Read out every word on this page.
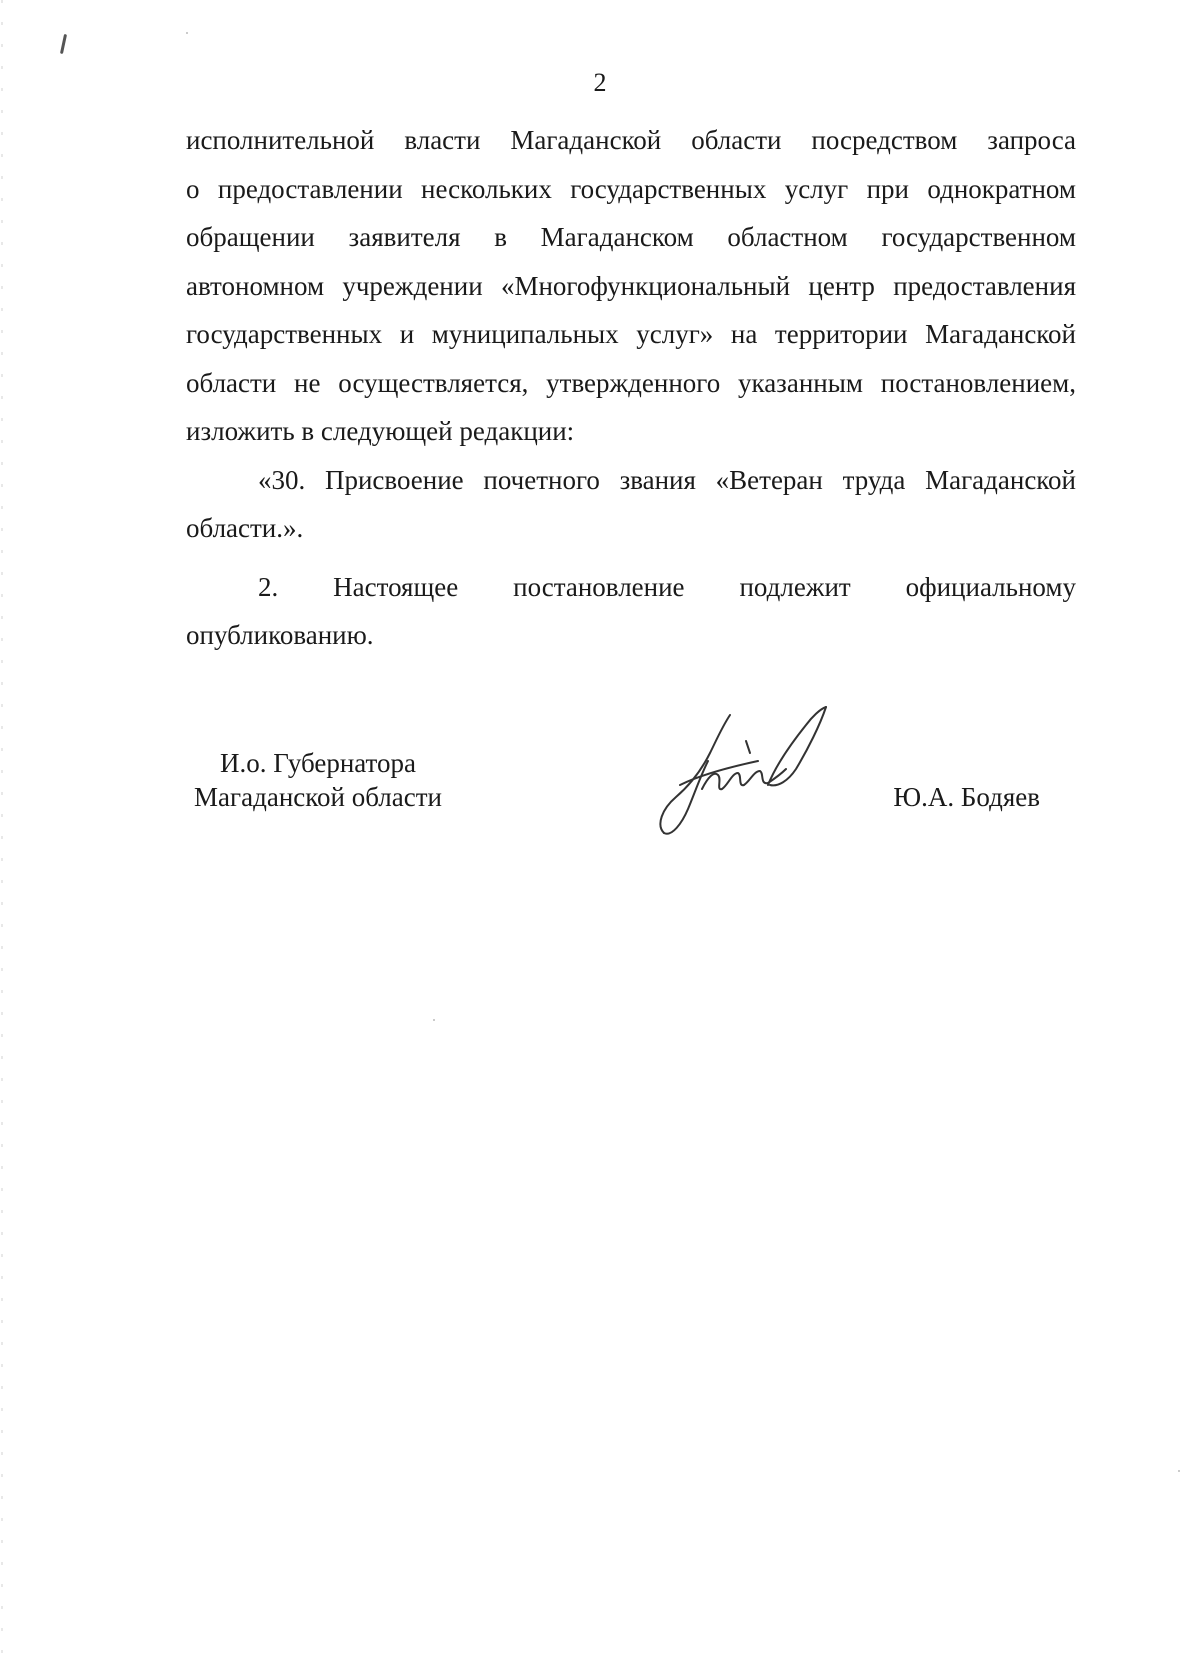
2
исполнительной власти Магаданской области посредством запроса
о предоставлении нескольких государственных услуг при однократном
обращении заявителя в Магаданском областном государственном
автономном учреждении «Многофункциональный центр предоставления
государственных и муниципальных услуг» на территории Магаданской
области не осуществляется, утвержденного указанным постановлением,
изложить в следующей редакции:
«30. Присвоение почетного звания «Ветеран труда Магаданской
области.».
2. Настоящее постановление подлежит официальному
опубликованию.
И.о. Губернатора
Магаданской области	Ю.А. Бодяев
